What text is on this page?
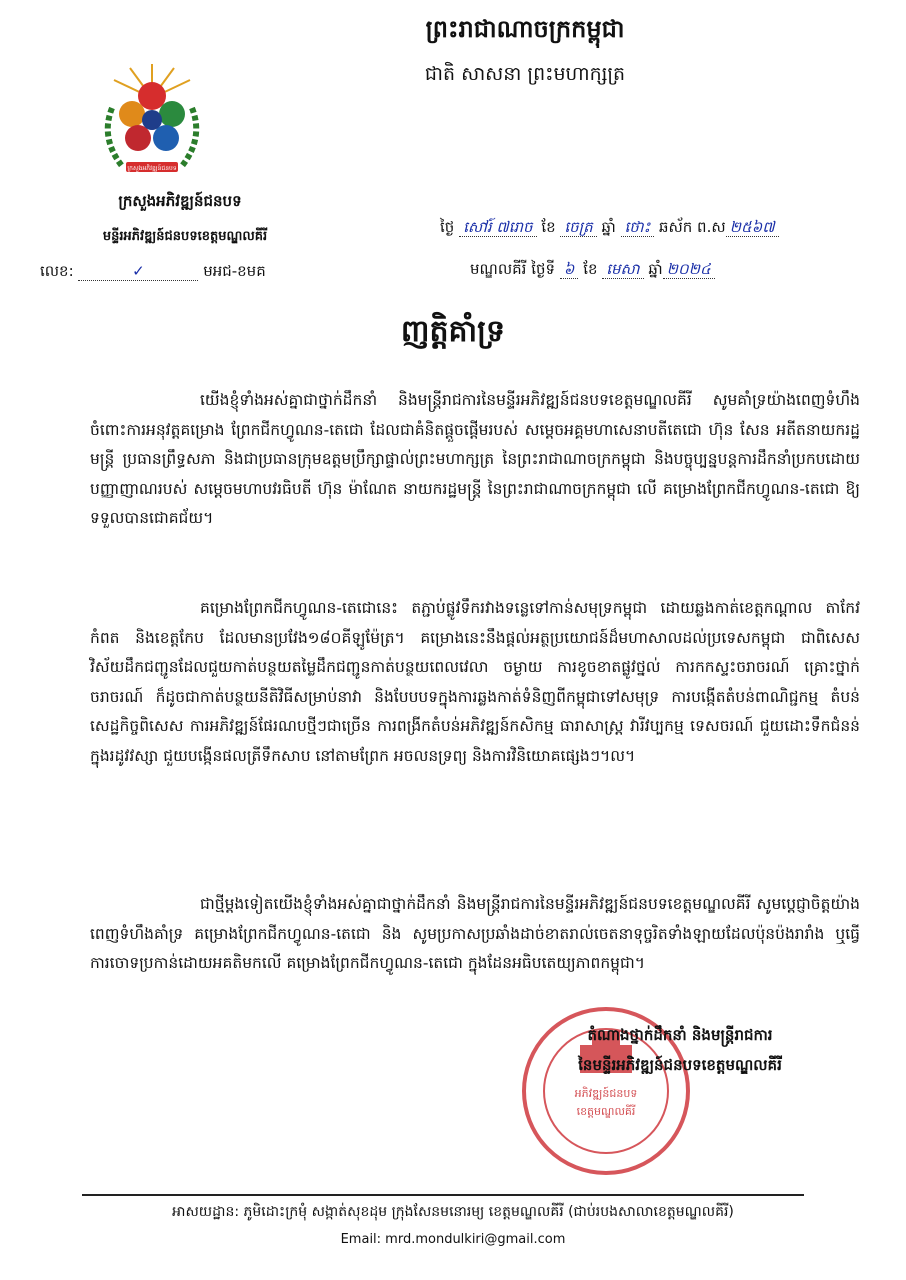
ព្រះរាជាណាចក្រកម្ពុជា
ជាតិ សាសនា ព្រះមហាក្សត្រ
ក្រសួងអភិវឌ្ឍន៍ជនបទ
ក្រសួងអភិវឌ្ឍន៍ជនបទ
មន្ទីរអភិវឌ្ឍន៍ជនបទខេត្តមណ្ឌលគីរី
លេខ:	✓	មអជ-ខមគ
ថ្ងៃ សៅរ៍ ៧រោច ខែ ចេត្រ ឆ្នាំ ថោះ ឆស័ក ព.ស ២៥៦៧
មណ្ឌលគីរី ថ្ងៃទី ៦ ខែ មេសា ឆ្នាំ ២០២៤
ញត្តិគាំទ្រ

យើងខ្ញុំទាំងអស់គ្នាជាថ្នាក់ដឹកនាំ និងមន្ត្រីរាជការនៃមន្ទីរអភិវឌ្ឍន៍ជនបទខេត្តមណ្ឌលគីរី សូមគាំទ្រយ៉ាងពេញទំហឹងចំពោះការអនុវត្តគម្រោង ព្រែកជីកហ្វូណន-តេជោ ដែលជាគំនិតផ្តួចផ្តើមរបស់ សម្តេចអគ្គមហាសេនាបតីតេជោ ហ៊ុន សែន អតីតនាយករដ្ឋមន្ត្រី ប្រធានព្រឹទ្ធសភា និងជាប្រធានក្រុមឧត្តមប្រឹក្សាផ្ទាល់ព្រះមហាក្សត្រ នៃព្រះរាជាណាចក្រកម្ពុជា និងបច្ចុប្បន្នបន្តការដឹកនាំប្រកបដោយបញ្ញាញាណរបស់ សម្តេចមហាបវរធិបតី ហ៊ុន ម៉ាណែត នាយករដ្ឋមន្ត្រី នៃព្រះរាជាណាចក្រកម្ពុជា លើ គម្រោងព្រែកជីកហ្វូណន-តេជោ ឱ្យទទួលបានជោគជ័យ។

គម្រោងព្រែកជីកហ្វូណន-តេជោនេះ តភ្ជាប់ផ្លូវទឹករវាងទន្លេទៅកាន់សមុទ្រកម្ពុជា ដោយឆ្លងកាត់ខេត្តកណ្តាល តាកែវ កំពត និងខេត្តកែប ដែលមានប្រវែង១៨០គីឡូម៉ែត្រ។ គម្រោងនេះនឹងផ្តល់អត្ថប្រយោជន៍ដ៏មហាសាលដល់ប្រទេសកម្ពុជា ជាពិសេសវិស័យដឹកជញ្ជូនដែលជួយកាត់បន្ថយតម្លៃដឹកជញ្ជូនកាត់បន្ថយពេលវេលា ចម្ងាយ ការខូចខាតផ្លូវថ្នល់ ការកកស្ទះចរាចរណ៍ គ្រោះថ្នាក់ចរាចរណ៍ ក៏ដូចជាកាត់បន្ថយនីតិវិធីសម្រាប់នាវា និងបែបបទក្នុងការឆ្លងកាត់ទំនិញពីកម្ពុជាទៅសមុទ្រ ការបង្កើតតំបន់ពាណិជ្ជកម្ម តំបន់សេដ្ឋកិច្ចពិសេស ការអភិវឌ្ឍន៍ផែរណបថ្មីៗជាច្រើន ការពង្រីកតំបន់អភិវឌ្ឍន៍កសិកម្ម ធារាសាស្ត្រ វារីវប្បកម្ម ទេសចរណ៍ ជួយដោះទឹកជំនន់ក្នុងរដូវវស្សា ជួយបង្កើនផលត្រីទឹកសាប នៅតាមព្រែក អចលនទ្រព្យ និងការវិនិយោគផ្សេងៗ។ល។

ជាថ្មីម្តងទៀតយើងខ្ញុំទាំងអស់គ្នាជាថ្នាក់ដឹកនាំ និងមន្ត្រីរាជការនៃមន្ទីរអភិវឌ្ឍន៍ជនបទខេត្តមណ្ឌលគីរី សូមប្តេជ្ញាចិត្តយ៉ាងពេញទំហឹងគាំទ្រ គម្រោងព្រែកជីកហ្វូណន-តេជោ និង សូមប្រកាសប្រឆាំងដាច់ខាតរាល់ចេតនាទុច្ចរិតទាំងឡាយដែលប៉ុនប៉ងរារាំង ឬធ្វើការចោទប្រកាន់ដោយអគតិមកលើ គម្រោងព្រែកជីកហ្វូណន-តេជោ ក្នុងដែនអធិបតេយ្យភាពកម្ពុជា។

អភិវឌ្ឍន៍ជនបទ
ខេត្តមណ្ឌលគីរី
តំណាងថ្នាក់ដឹកនាំ និងមន្ត្រីរាជការ
នៃមន្ទីរអភិវឌ្ឍន៍ជនបទខេត្តមណ្ឌលគីរី
អាសយដ្ឋាន: ភូមិដោះក្រមុំ សង្កាត់សុខដុម ក្រុងសែនមនោរម្យ ខេត្តមណ្ឌលគីរី (ជាប់របងសាលាខេត្តមណ្ឌលគីរី)
Email: mrd.mondulkiri@gmail.com
